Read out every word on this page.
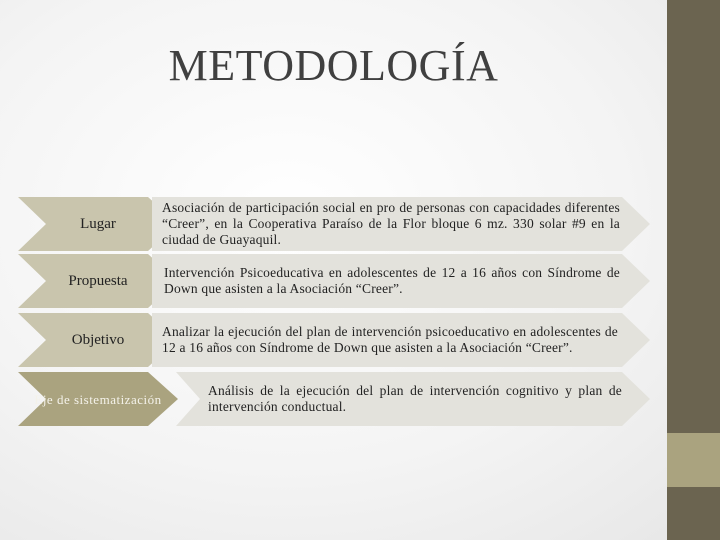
METODOLOGÍA
Lugar
Asociación de participación social en pro de personas con capacidades diferentes “Creer”, en la Cooperativa Paraíso de la Flor bloque 6 mz. 330 solar #9 en la ciudad de Guayaquil.
Propuesta	Intervención Psicoeducativa en adolescentes de 12 a 16 años con Síndrome de Down que asisten a la Asociación “Creer”.
Objetivo	Analizar la ejecución del plan de intervención psicoeducativo en adolescentes de 12 a 16 años con Síndrome de Down que asisten a la Asociación “Creer”.
Eje de sistematización
Análisis de la ejecución del plan de intervención cognitivo y plan de intervención conductual.
